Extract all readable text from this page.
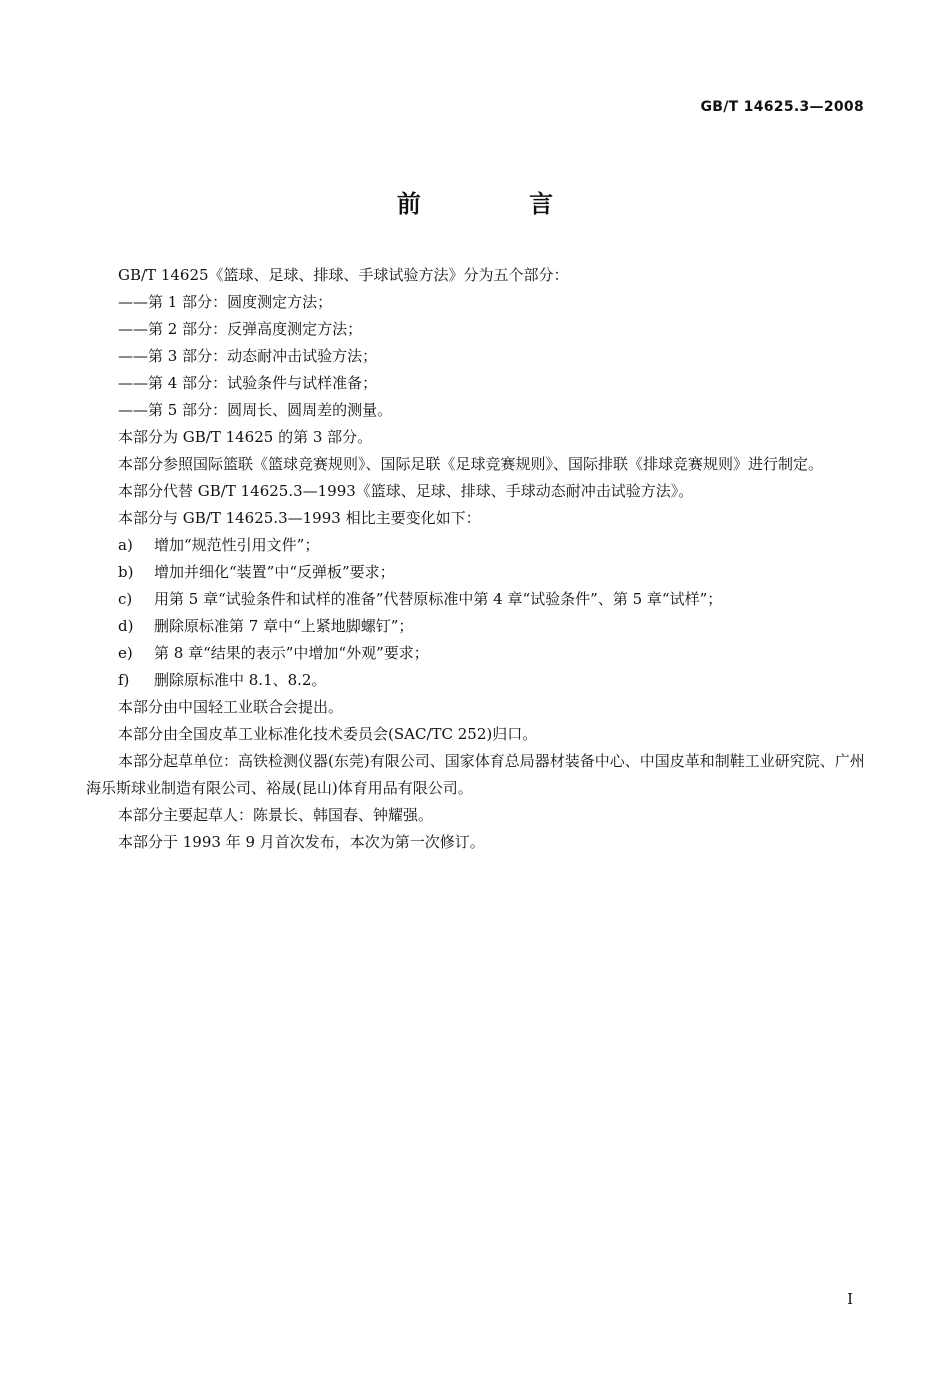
GB/T 14625.3—2008
前 言

GB/T 14625《篮球、足球、排球、手球试验方法》分为五个部分：

——第 1 部分：圆度测定方法；

——第 2 部分：反弹高度测定方法；

——第 3 部分：动态耐冲击试验方法；

——第 4 部分：试验条件与试样准备；

——第 5 部分：圆周长、圆周差的测量。

本部分为 GB/T 14625 的第 3 部分。

本部分参照国际篮联《篮球竞赛规则》、国际足联《足球竞赛规则》、国际排联《排球竞赛规则》进行制定。

本部分代替 GB/T 14625.3—1993《篮球、足球、排球、手球动态耐冲击试验方法》。

本部分与 GB/T 14625.3—1993 相比主要变化如下：

a) 增加“规范性引用文件”；
b) 增加并细化“装置”中“反弹板”要求；
c) 用第 5 章“试验条件和试样的准备”代替原标准中第 4 章“试验条件”、第 5 章“试样”；
d) 删除原标准第 7 章中“上紧地脚螺钉”；
e) 第 8 章“结果的表示”中增加“外观”要求；
f) 删除原标准中 8.1、8.2。

本部分由中国轻工业联合会提出。

本部分由全国皮革工业标准化技术委员会(SAC/TC 252)归口。

本部分起草单位：高铁检测仪器(东莞)有限公司、国家体育总局器材装备中心、中国皮革和制鞋工业研究院、广州海乐斯球业制造有限公司、裕晟(昆山)体育用品有限公司。

本部分主要起草人：陈景长、韩国春、钟耀强。

本部分于 1993 年 9 月首次发布，本次为第一次修订。

I
